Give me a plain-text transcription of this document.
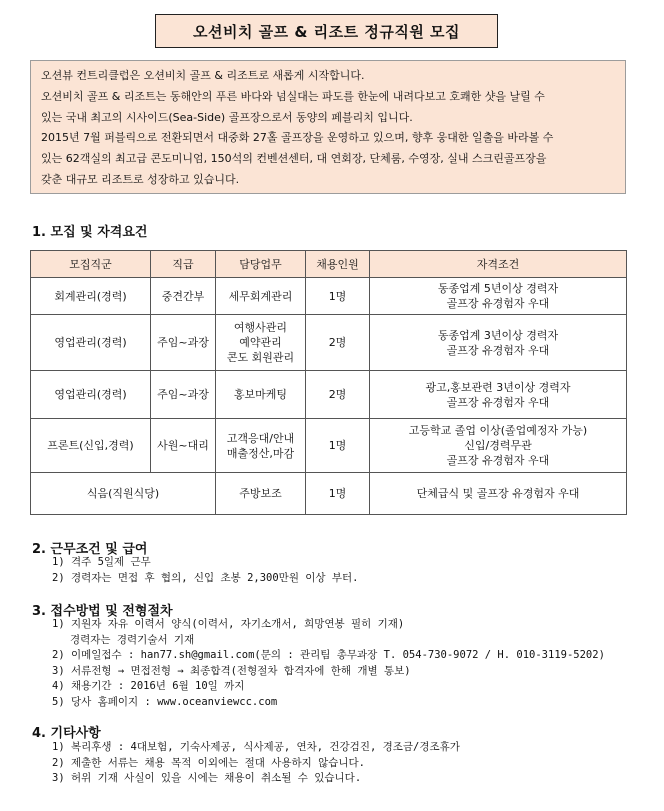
오션비치 골프 & 리조트 정규직원 모집

오션뷰 컨트리클럽은 오션비치 골프 & 리조트로 새롭게 시작합니다.

오션비치 골프 & 리조트는 동해안의 푸른 바다와 넘실대는 파도를 한눈에 내려다보고 호쾌한 샷을 날릴 수

있는 국내 최고의 시사이드(Sea-Side) 골프장으로서 동양의 페블리치 입니다.

2015년 7월 퍼블릭으로 전환되면서 대중화 27홀 골프장을 운영하고 있으며, 향후 웅대한 일출을 바라볼 수

있는 62객실의 최고급 콘도미니엄, 150석의 컨벤션센터, 대 연회장, 단체룸, 수영장, 실내 스크린골프장을

갖춘 대규모 리조트로 성장하고 있습니다.

1. 모집 및 자격요건
모집직군	직급	담당업무	채용인원	자격조건
회계관리(경력)	중견간부	세무회계관리	1명	동종업계 5년이상 경력자
골프장 유경험자 우대

영업관리(경력)	주임~과장	여행사관리
예약관리
콘도 회원관리	2명	동종업계 3년이상 경력자
골프장 유경험자 우대

영업관리(경력)	주임~과장	홍보마케팅	2명	광고,홍보관련 3년이상 경력자
골프장 유경험자 우대

프론트(신입,경력)	사원~대리	고객응대/안내
매출정산,마감	1명	고등학교 졸업 이상(졸업예정자 가능)
신입/경력무관
골프장 유경험자 우대

식음(직원식당)		주방보조	1명	단체급식 및 골프장 유경험자 우대
2. 근무조건 및 급여
1) 격주 5일제 근무
2) 경력자는 면접 후 협의, 신입 초봉 2,300만원 이상 부터.
3. 접수방법 및 전형절차
1) 지원자 자유 이력서 양식(이력서, 자기소개서, 희망연봉 필히 기재)
경력자는 경력기술서 기재
2) 이메일접수 : han77.sh@gmail.com(문의 : 관리팀 총무과장 T. 054-730-9072 / H. 010-3119-5202)
3) 서류전형 → 면접전형 → 최종합격(전형절차 합격자에 한해 개별 통보)
4) 채용기간 : 2016년 6월 10일 까지
5) 당사 홈페이지 : www.oceanviewcc.com
4. 기타사항
1) 복리후생 : 4대보험, 기숙사제공, 식사제공, 연차, 건강검진, 경조금/경조휴가
2) 제출한 서류는 채용 목적 이외에는 절대 사용하지 않습니다.
3) 허위 기재 사실이 있을 시에는 채용이 취소될 수 있습니다.
